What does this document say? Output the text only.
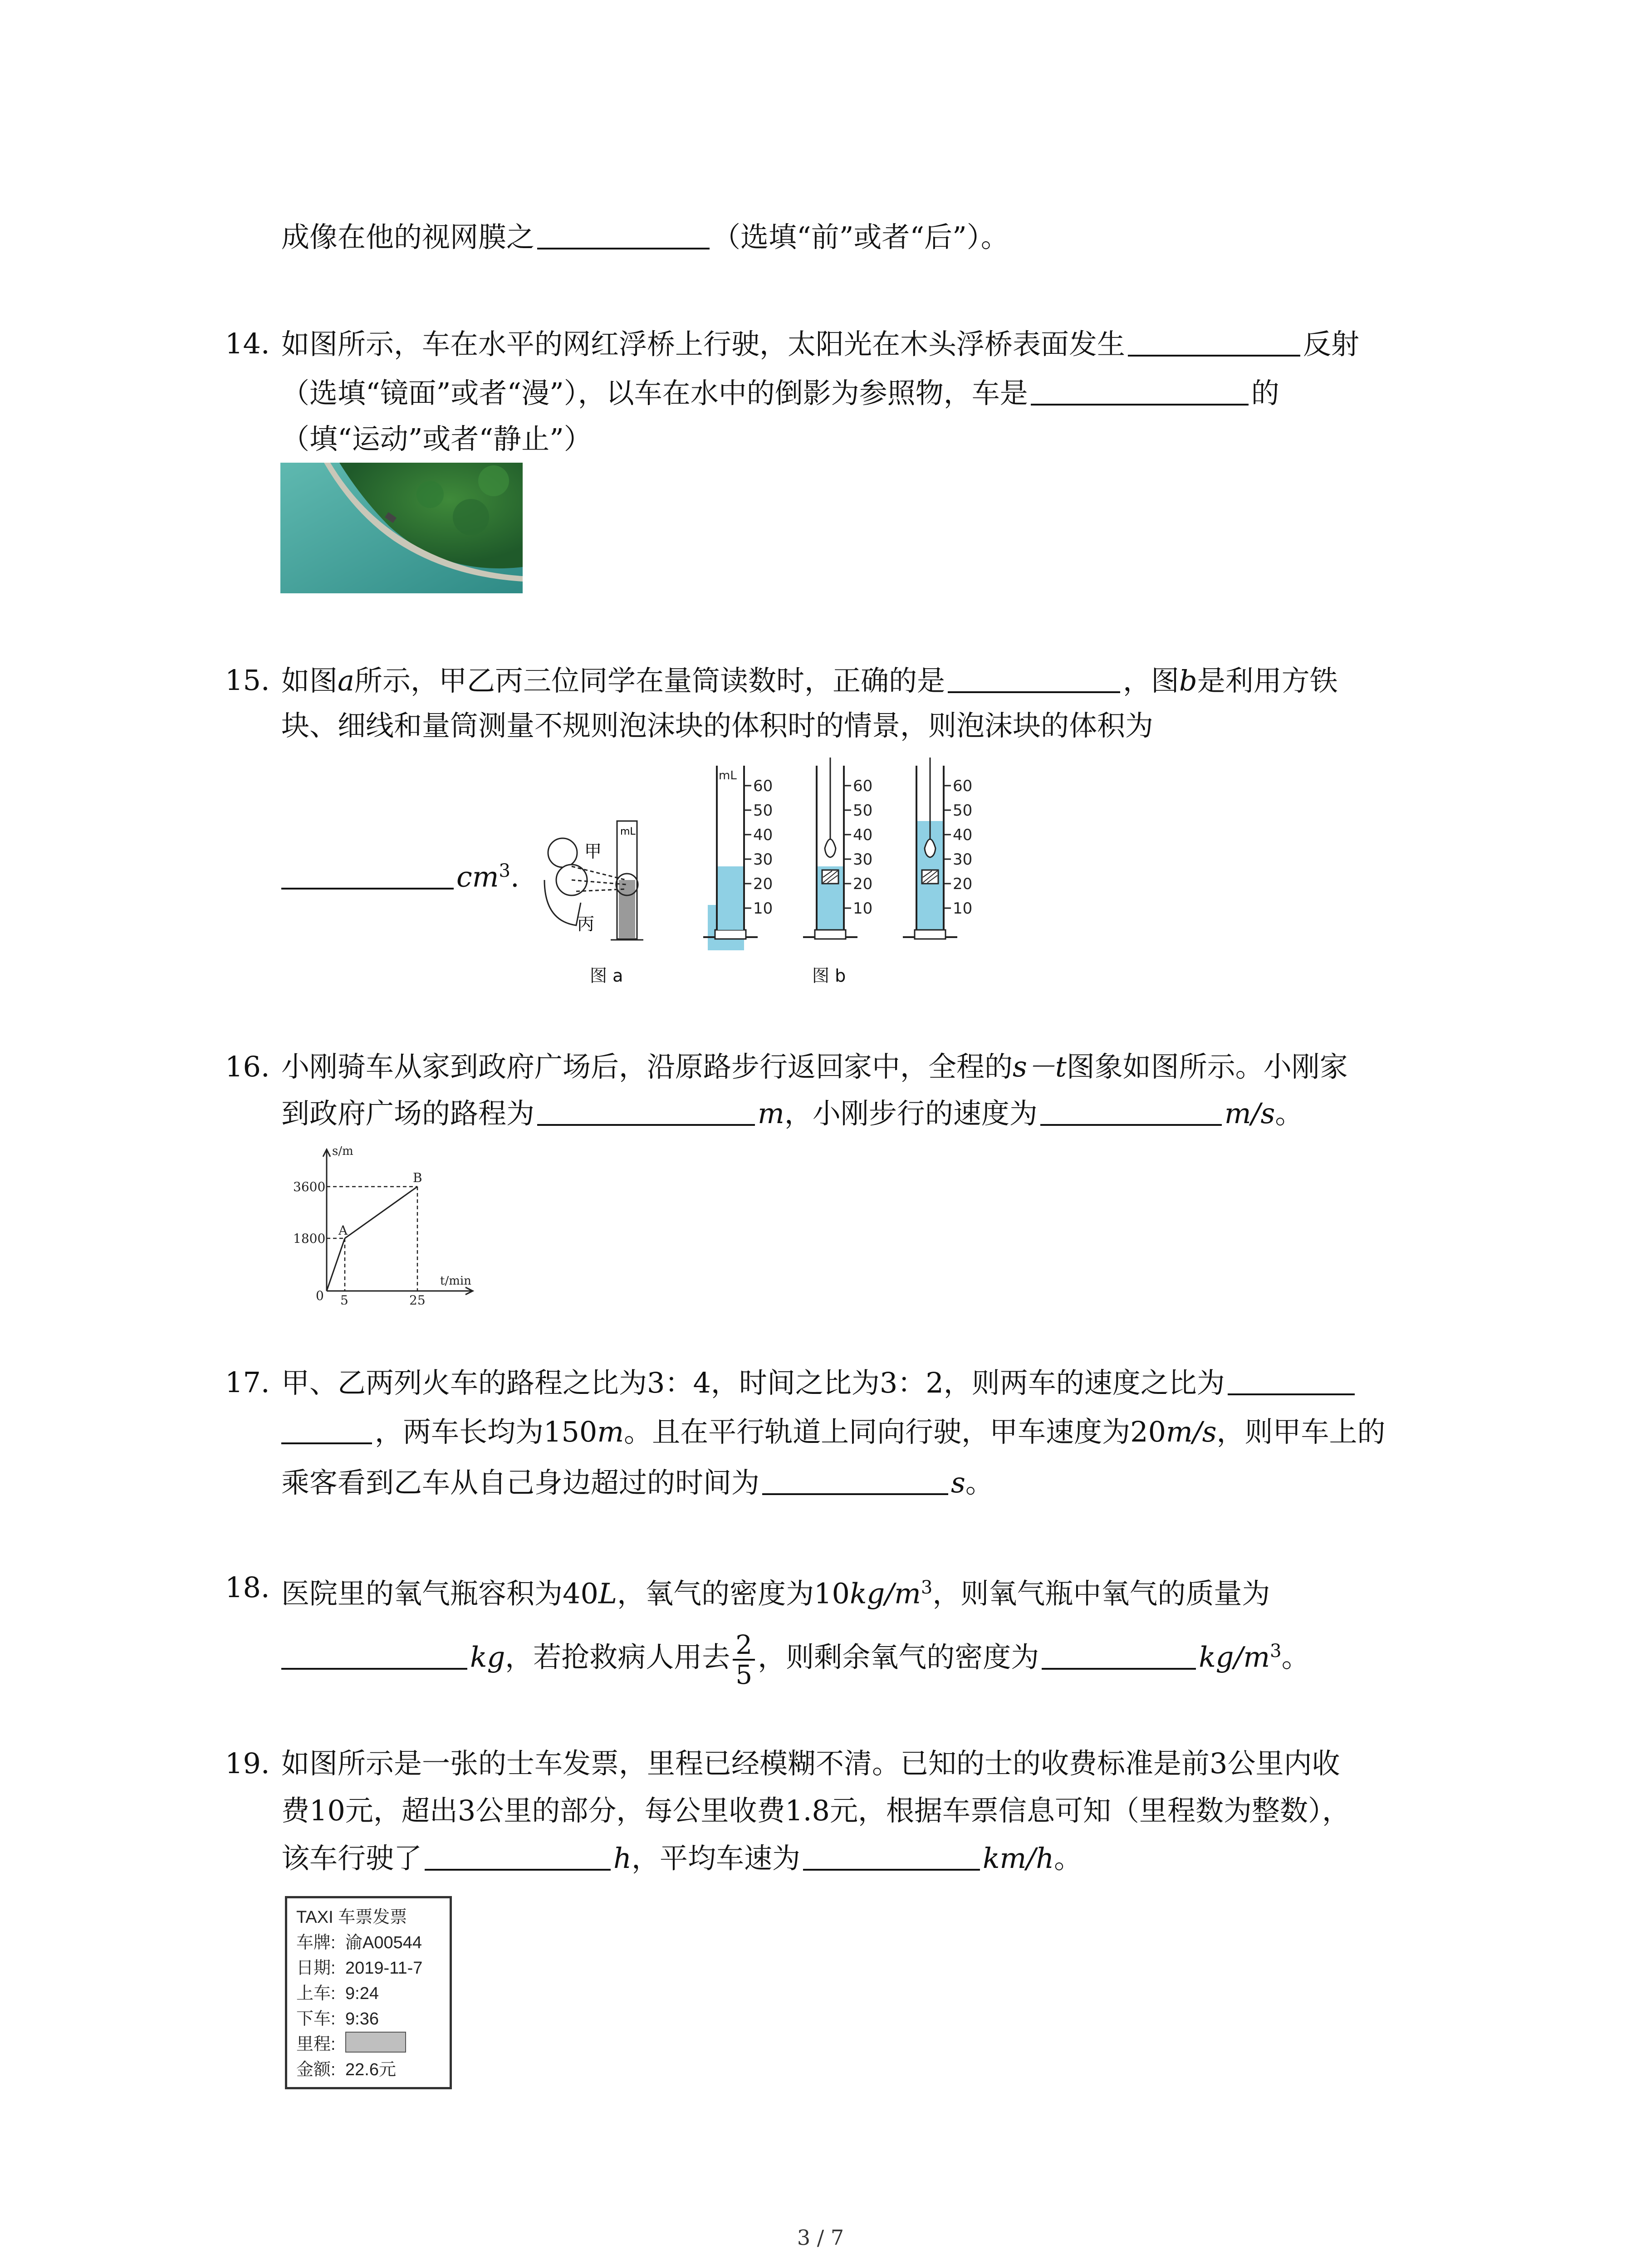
成像在他的视网膜之	（选填“前”或者“后”）。
14. 如图所示，车在水平的网红浮桥上行驶，太阳光在木头浮桥表面发生	反射
（选填“镜面”或者“漫”），以车在水中的倒影为参照物，车是	的
（填“运动”或者“静止”）
15. 如图a所示，甲乙丙三位同学在量筒读数时，正确的是	，图b是利用方铁
块、细线和量筒测量不规则泡沫块的体积时的情景，则泡沫块的体积为
$cm^3$.
甲
丙
mL
图 a
60
50
40
30
20
10
mL
60
50
40
30
20
10
60
50
40
30
20
10
图 b
16. 小刚骑车从家到政府广场后，沿原路步行返回家中，全程的s－t图象如图所示。小刚家
到政府广场的路程为	m，小刚步行的速度为	m/s。
s/m
t/min
3600
1800
5	25
0
A
B
17. 甲、乙两列火车的路程之比为3：4，时间之比为3：2，则两车的速度之比为
，两车长均为150m。且在平行轨道上同向行驶，甲车速度为20m/s，则甲车上的
乘客看到乙车从自己身边超过的时间为	s。
18. 医院里的氧气瓶容积为40L，氧气的密度为$10kg/m^3$，则氧气瓶中氧气的质量为
kg，若抢救病人用去 $\frac{2}{5}$，则剩余氧气的密度为	$kg/m^3$。
19. 如图所示是一张的士车发票，里程已经模糊不清。已知的士的收费标准是前3公里内收
费10元，超出3公里的部分，每公里收费1.8元，根据车票信息可知（里程数为整数），
该车行驶了	h，平均车速为	km/h。
TAXI 车票发票
车牌: 渝A00544
日期: 2019-11-7
上车: 9:24
下车: 9:36
里程:
金额: 22.6元
3 / 7
